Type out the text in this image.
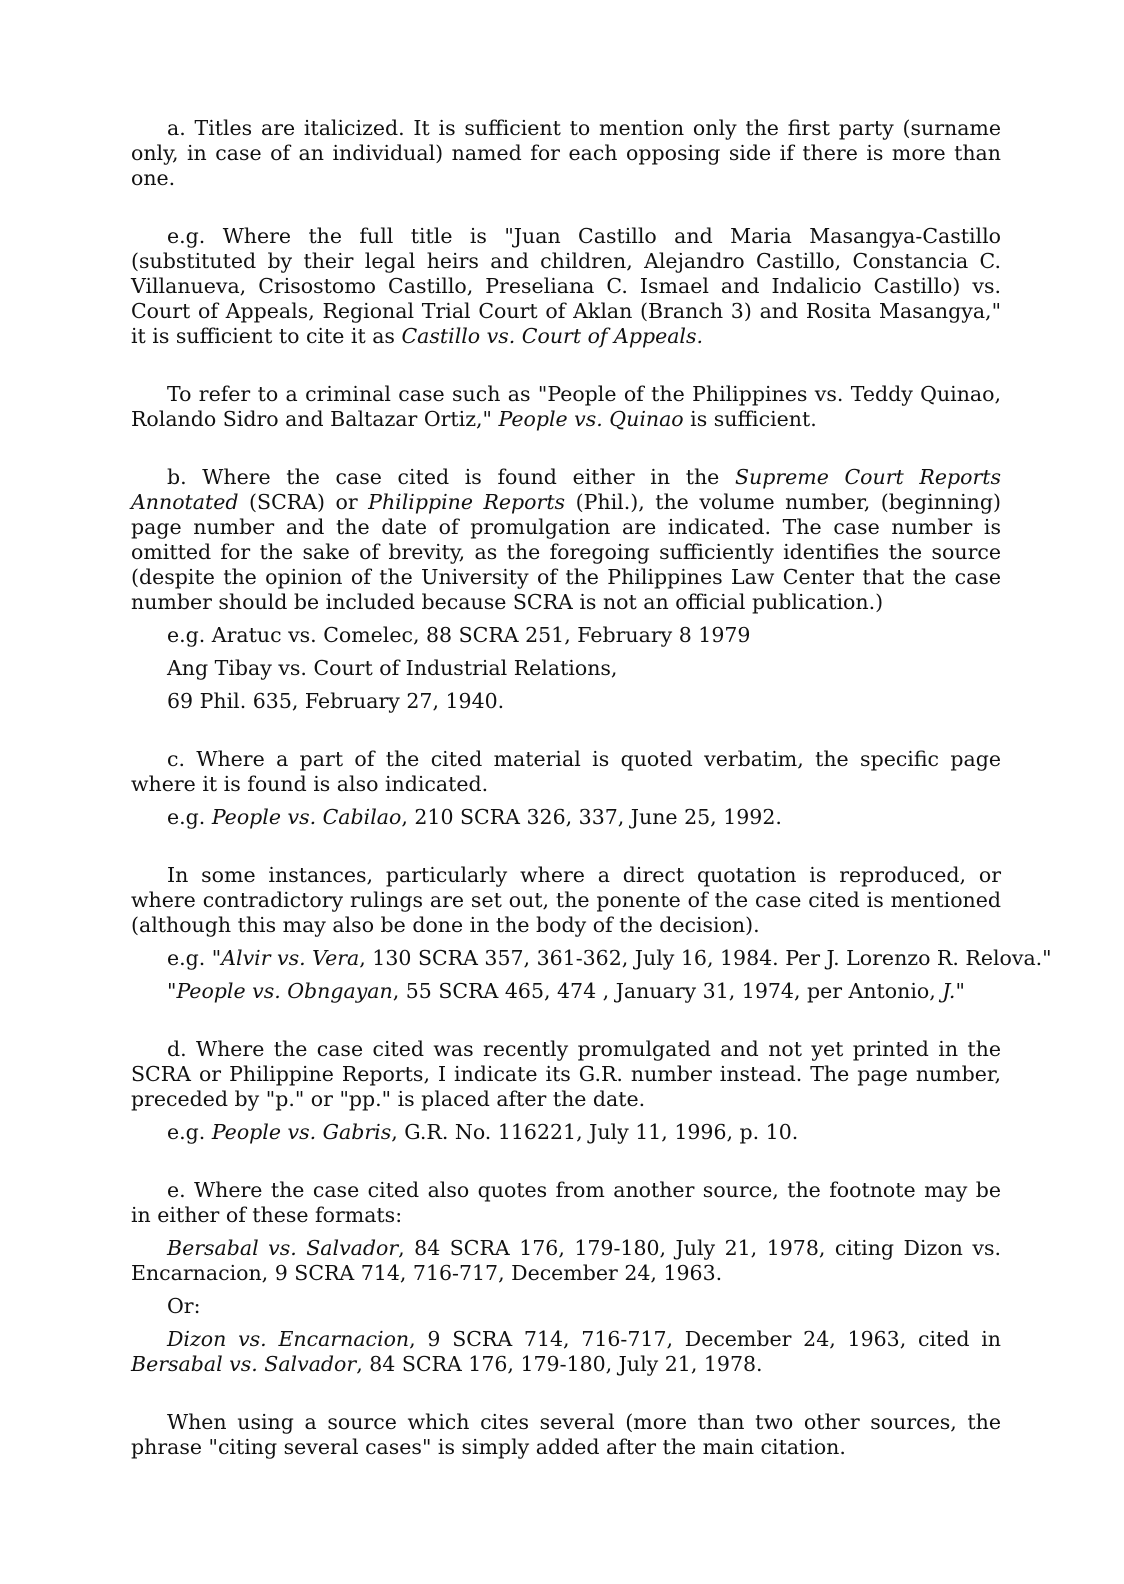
a. Titles are italicized. It is sufficient to mention only the first party (surname only, in case of an individual) named for each opposing side if there is more than one.

e.g. Where the full title is "Juan Castillo and Maria Masangya-Castillo (substituted by their legal heirs and children, Alejandro Castillo, Constancia C. Villanueva, Crisostomo Castillo, Preseliana C. Ismael and Indalicio Castillo) vs. Court of Appeals, Regional Trial Court of Aklan (Branch 3) and Rosita Masangya," it is sufficient to cite it as Castillo vs. Court of Appeals.

To refer to a criminal case such as "People of the Philippines vs. Teddy Quinao, Rolando Sidro and Baltazar Ortiz," People vs. Quinao is sufficient.

b. Where the case cited is found either in the Supreme Court Reports Annotated (SCRA) or Philippine Reports (Phil.), the volume number, (beginning) page number and the date of promulgation are indicated. The case number is omitted for the sake of brevity, as the foregoing sufficiently identifies the source (despite the opinion of the University of the Philippines Law Center that the case number should be included because SCRA is not an official publication.)

e.g. Aratuc vs. Comelec, 88 SCRA 251, February 8 1979
Ang Tibay vs. Court of Industrial Relations,
69 Phil. 635, February 27, 1940.

c. Where a part of the cited material is quoted verbatim, the specific page where it is found is also indicated.

e.g. People vs. Cabilao, 210 SCRA 326, 337, June 25, 1992.

In some instances, particularly where a direct quotation is reproduced, or where contradictory rulings are set out, the ponente of the case cited is mentioned (although this may also be done in the body of the decision).

e.g. "Alvir vs. Vera, 130 SCRA 357, 361-362, July 16, 1984. Per J. Lorenzo R. Relova."
"People vs. Obngayan, 55 SCRA 465, 474 , January 31, 1974, per Antonio, J."

d. Where the case cited was recently promulgated and not yet printed in the SCRA or Philippine Reports, I indicate its G.R. number instead. The page number, preceded by "p." or "pp." is placed after the date.

e.g. People vs. Gabris, G.R. No. 116221, July 11, 1996, p. 10.

e. Where the case cited also quotes from another source, the footnote may be in either of these formats:

Bersabal vs. Salvador, 84 SCRA 176, 179-180, July 21, 1978, citing Dizon vs. Encarnacion, 9 SCRA 714, 716-717, December 24, 1963.

Or:

Dizon vs. Encarnacion, 9 SCRA 714, 716-717, December 24, 1963, cited in Bersabal vs. Salvador, 84 SCRA 176, 179-180, July 21, 1978.

When using a source which cites several (more than two other sources, the phrase "citing several cases" is simply added after the main citation.
